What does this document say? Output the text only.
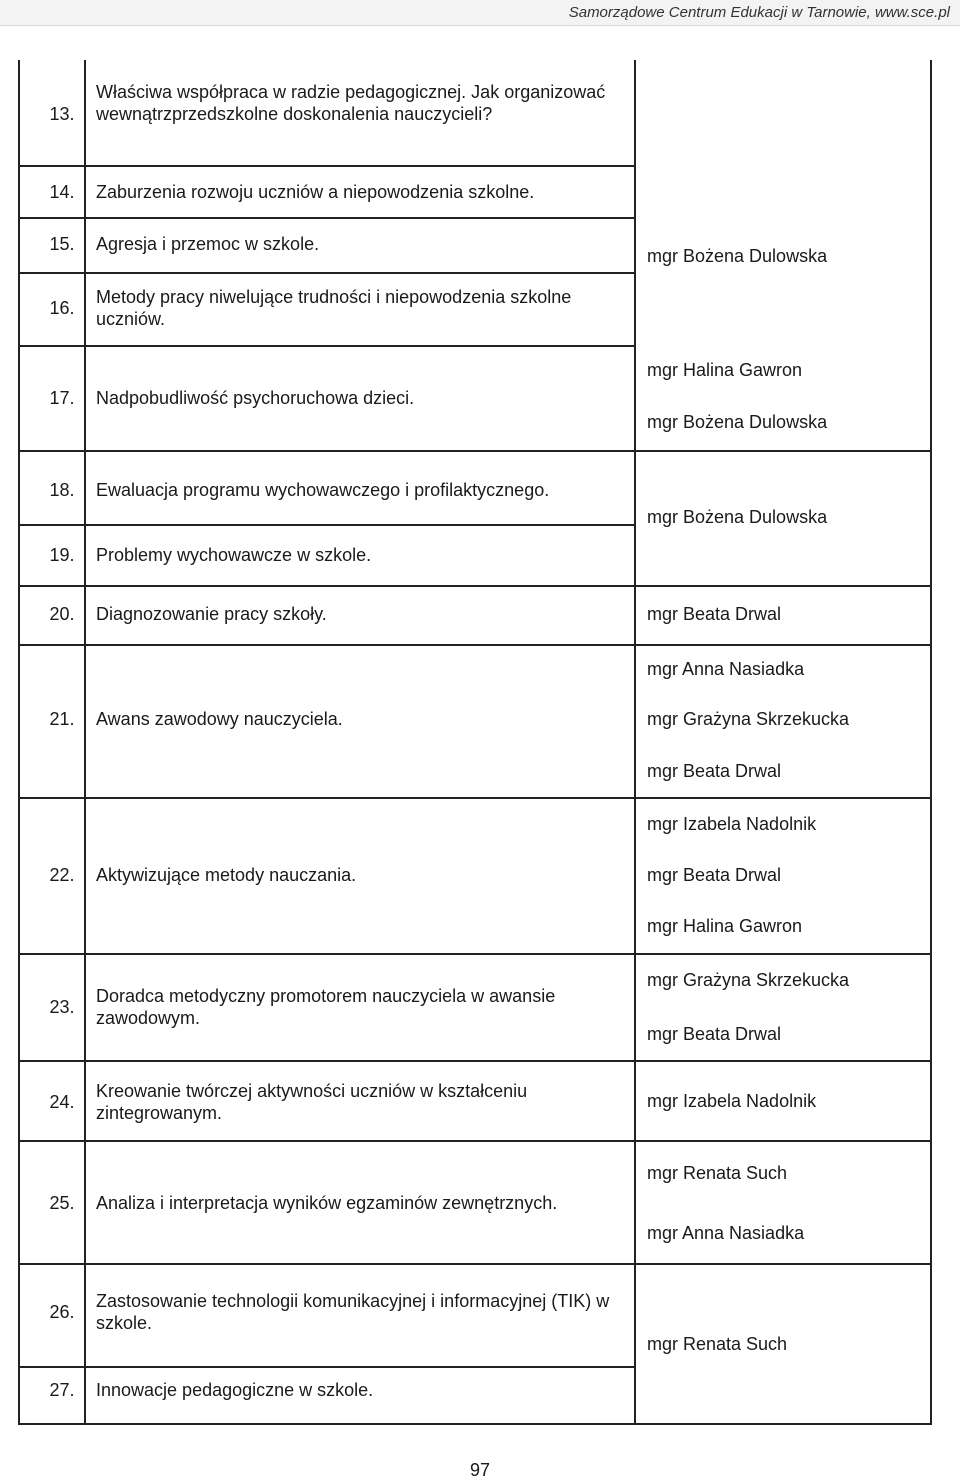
Samorządowe Centrum Edukacji w Tarnowie, www.sce.pl
13.
14.
15.
16.
17.
18.
19.
20.
21.
22.
23.
24.
25.
26.
27.
Właściwa współpraca w radzie pedagogicznej. Jak organizować wewnątrzprzedszkolne doskonalenia nauczycieli?
Zaburzenia rozwoju uczniów a niepowodzenia szkolne.
Agresja i przemoc w szkole.
Metody pracy niwelujące trudności i niepowodzenia szkolne uczniów.
Nadpobudliwość psychoruchowa dzieci.
Ewaluacja programu wychowawczego i profilaktycznego.
Problemy wychowawcze w szkole.
Diagnozowanie pracy szkoły.
Awans zawodowy nauczyciela.
Aktywizujące metody nauczania.
Doradca metodyczny promotorem nauczyciela w awansie zawodowym.
Kreowanie twórczej aktywności uczniów w kształceniu zintegrowanym.
Analiza i interpretacja wyników egzaminów zewnętrznych.
Zastosowanie technologii komunikacyjnej i informacyjnej (TIK) w szkole.
Innowacje pedagogiczne w szkole.
mgr Bożena Dulowska
mgr Halina Gawron
mgr Bożena Dulowska
mgr Bożena Dulowska
mgr Beata Drwal
mgr Anna Nasiadka
mgr Grażyna Skrzekucka
mgr Beata Drwal
mgr Izabela Nadolnik
mgr Beata Drwal
mgr Halina Gawron
mgr Grażyna Skrzekucka
mgr Beata Drwal
mgr Izabela Nadolnik
mgr Renata Such
mgr Anna Nasiadka
mgr Renata Such
97
